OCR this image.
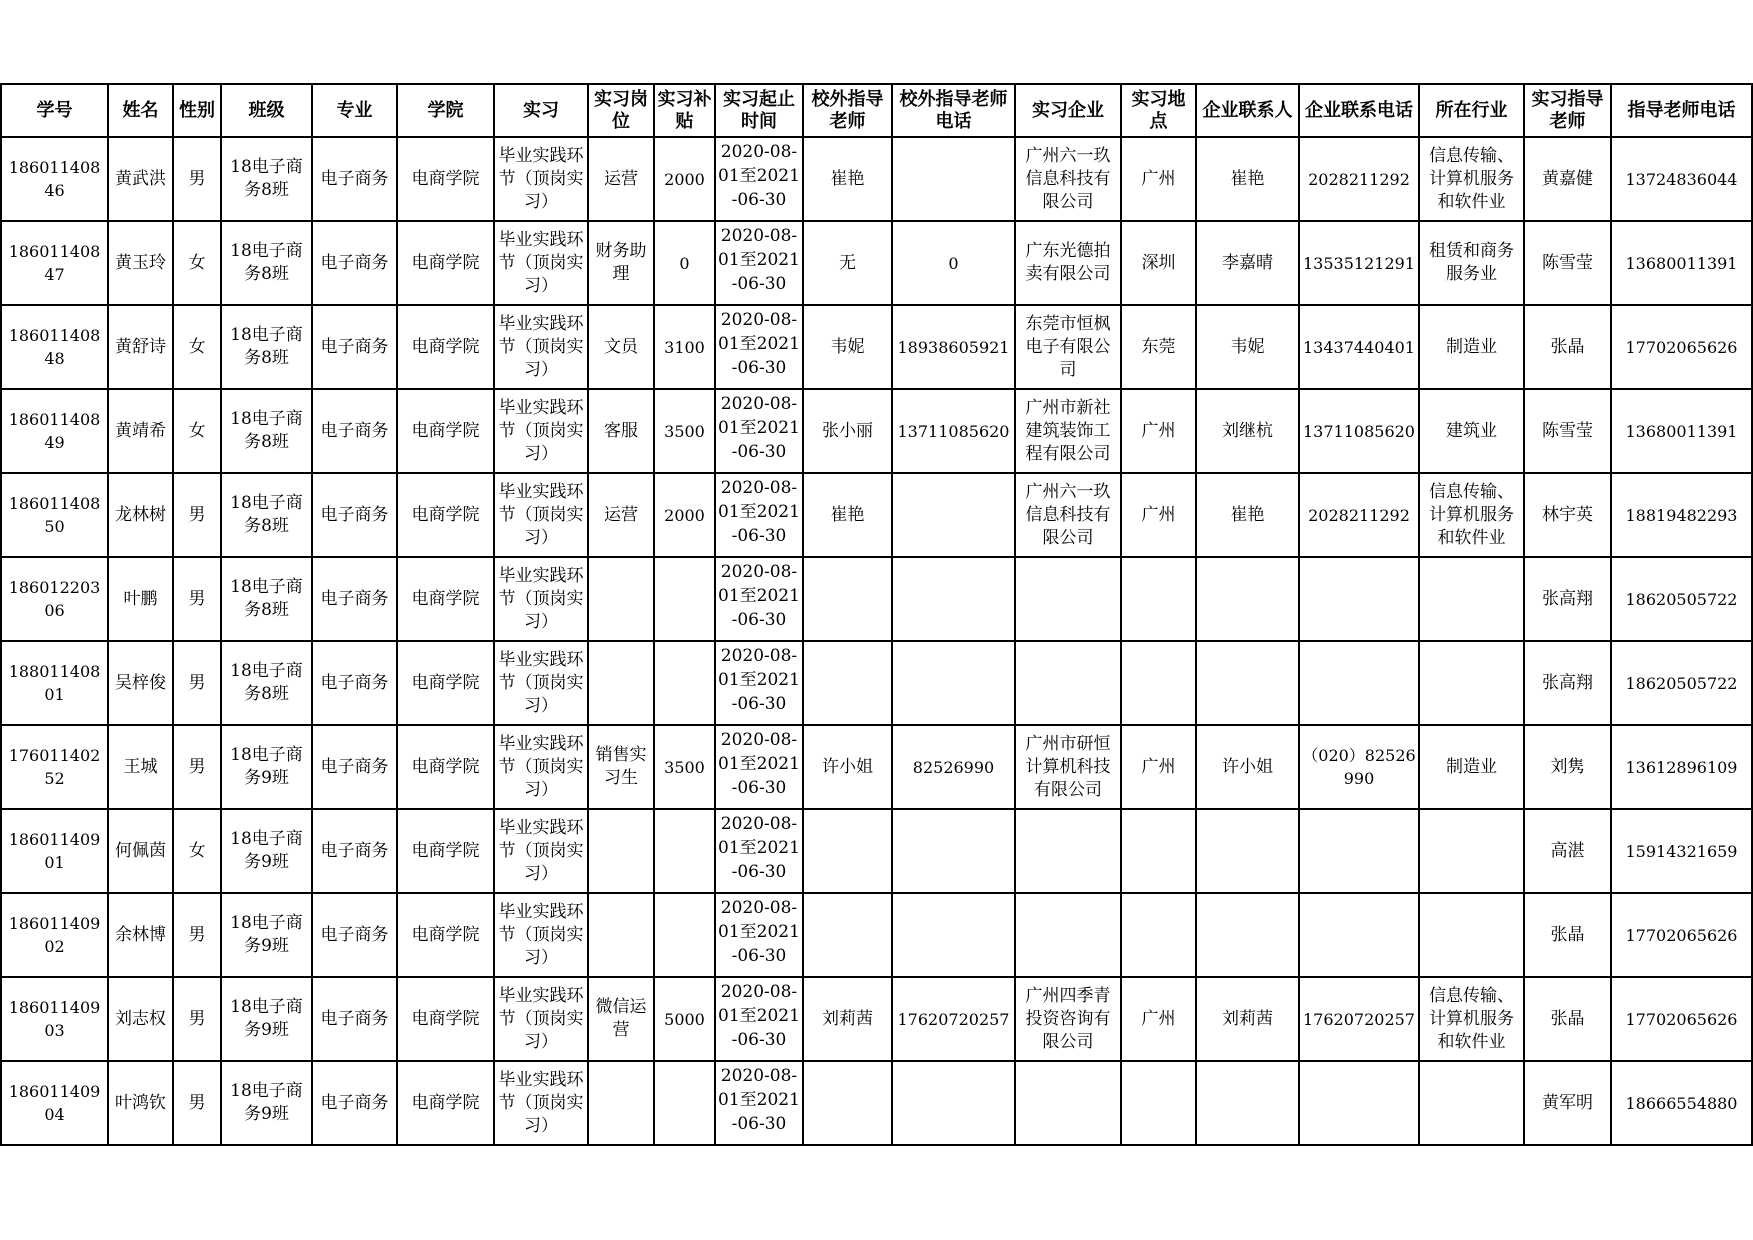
学号	姓名	性别	班级	专业	学院	实习	实习岗位	实习补贴	实习起止时间	校外指导老师	校外指导老师电话	实习企业	实习地点	企业联系人	企业联系电话	所在行业	实习指导老师	指导老师电话

18601140846	黄武洪	男	18电子商务8班	电子商务	电商学院	毕业实践环节（顶岗实习）	运营	2000	2020-08-01至2021-06-30	崔艳		广州六一玖信息科技有限公司	广州	崔艳	2028211292	信息传输、计算机服务和软件业	黄嘉健	13724836044

18601140847	黄玉玲	女	18电子商务8班	电子商务	电商学院	毕业实践环节（顶岗实习）	财务助理	0	2020-08-01至2021-06-30	无	0	广东光德拍卖有限公司	深圳	李嘉晴	13535121291	租赁和商务服务业	陈雪莹	13680011391

18601140848	黄舒诗	女	18电子商务8班	电子商务	电商学院	毕业实践环节（顶岗实习）	文员	3100	2020-08-01至2021-06-30	韦妮	18938605921	东莞市恒枫电子有限公司	东莞	韦妮	13437440401	制造业	张晶	17702065626

18601140849	黄靖希	女	18电子商务8班	电子商务	电商学院	毕业实践环节（顶岗实习）	客服	3500	2020-08-01至2021-06-30	张小丽	13711085620	广州市新社建筑装饰工程有限公司	广州	刘继杭	13711085620	建筑业	陈雪莹	13680011391

18601140850	龙林树	男	18电子商务8班	电子商务	电商学院	毕业实践环节（顶岗实习）	运营	2000	2020-08-01至2021-06-30	崔艳		广州六一玖信息科技有限公司	广州	崔艳	2028211292	信息传输、计算机服务和软件业	林宇英	18819482293

18601220306	叶鹏	男	18电子商务8班	电子商务	电商学院	毕业实践环节（顶岗实习）			2020-08-01至2021-06-30								张高翔	18620505722

18801140801	吴梓俊	男	18电子商务8班	电子商务	电商学院	毕业实践环节（顶岗实习）			2020-08-01至2021-06-30								张高翔	18620505722

17601140252	王城	男	18电子商务9班	电子商务	电商学院	毕业实践环节（顶岗实习）	销售实习生	3500	2020-08-01至2021-06-30	许小姐	82526990	广州市研恒计算机科技有限公司	广州	许小姐	（020）82526990	制造业	刘隽	13612896109

18601140901	何佩茵	女	18电子商务9班	电子商务	电商学院	毕业实践环节（顶岗实习）			2020-08-01至2021-06-30								高湛	15914321659

18601140902	余林博	男	18电子商务9班	电子商务	电商学院	毕业实践环节（顶岗实习）			2020-08-01至2021-06-30								张晶	17702065626

18601140903	刘志权	男	18电子商务9班	电子商务	电商学院	毕业实践环节（顶岗实习）	微信运营	5000	2020-08-01至2021-06-30	刘莉茜	17620720257	广州四季青投资咨询有限公司	广州	刘莉茜	17620720257	信息传输、计算机服务和软件业	张晶	17702065626

18601140904	叶鸿钦	男	18电子商务9班	电子商务	电商学院	毕业实践环节（顶岗实习）			2020-08-01至2021-06-30								黄军明	18666554880
